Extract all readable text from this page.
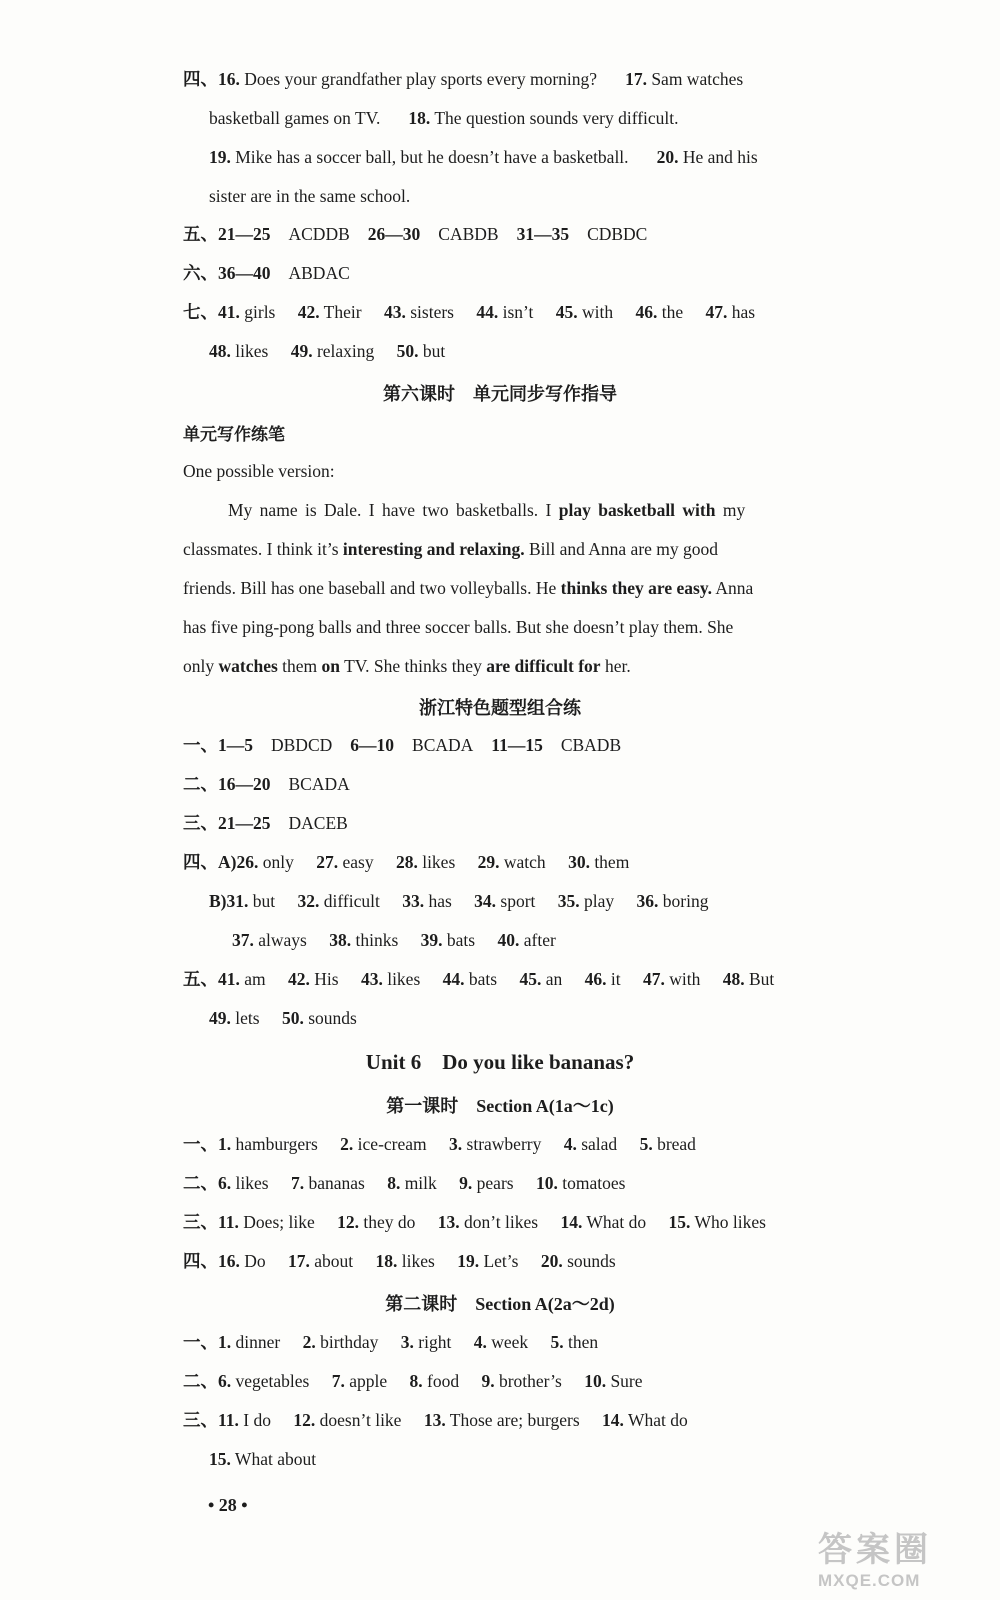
四、16. Does your grandfather play sports every morning? 17. Sam watches
basketball games on TV. 18. The question sounds very difficult.
19. Mike has a soccer ball, but he doesn’t have a basketball. 20. He and his
sister are in the same school.
五、21—25 ACDDB 26—30 CABDB 31—35 CDBDC
六、36—40 ABDAC
七、41. girls 42. Their 43. sisters 44. isn’t 45. with 46. the 47. has
48. likes 49. relaxing 50. but
第六课时　单元同步写作指导
单元写作练笔
One possible version:
My name is Dale. I have two basketballs. I play basketball with my
classmates. I think it’s interesting and relaxing. Bill and Anna are my good
friends. Bill has one baseball and two volleyballs. He thinks they are easy. Anna
has five ping-pong balls and three soccer balls. But she doesn’t play them. She
only watches them on TV. She thinks they are difficult for her.
浙江特色题型组合练
一、1—5 DBDCD 6—10 BCADA 11—15 CBADB
二、16—20 BCADA
三、21—25 DACEB
四、A)26. only 27. easy 28. likes 29. watch 30. them
B)31. but 32. difficult 33. has 34. sport 35. play 36. boring
37. always 38. thinks 39. bats 40. after
五、41. am 42. His 43. likes 44. bats 45. an 46. it 47. with 48. But
49. lets 50. sounds
Unit 6　Do you like bananas?
第一课时　Section A(1a～1c)
一、1. hamburgers 2. ice-cream 3. strawberry 4. salad 5. bread
二、6. likes 7. bananas 8. milk 9. pears 10. tomatoes
三、11. Does; like 12. they do 13. don’t likes 14. What do 15. Who likes
四、16. Do 17. about 18. likes 19. Let’s 20. sounds
第二课时　Section A(2a～2d)
一、1. dinner 2. birthday 3. right 4. week 5. then
二、6. vegetables 7. apple 8. food 9. brother’s 10. Sure
三、11. I do 12. doesn’t like 13. Those are; burgers 14. What do
15. What about
• 28 •
答案圈
MXQE.COM
